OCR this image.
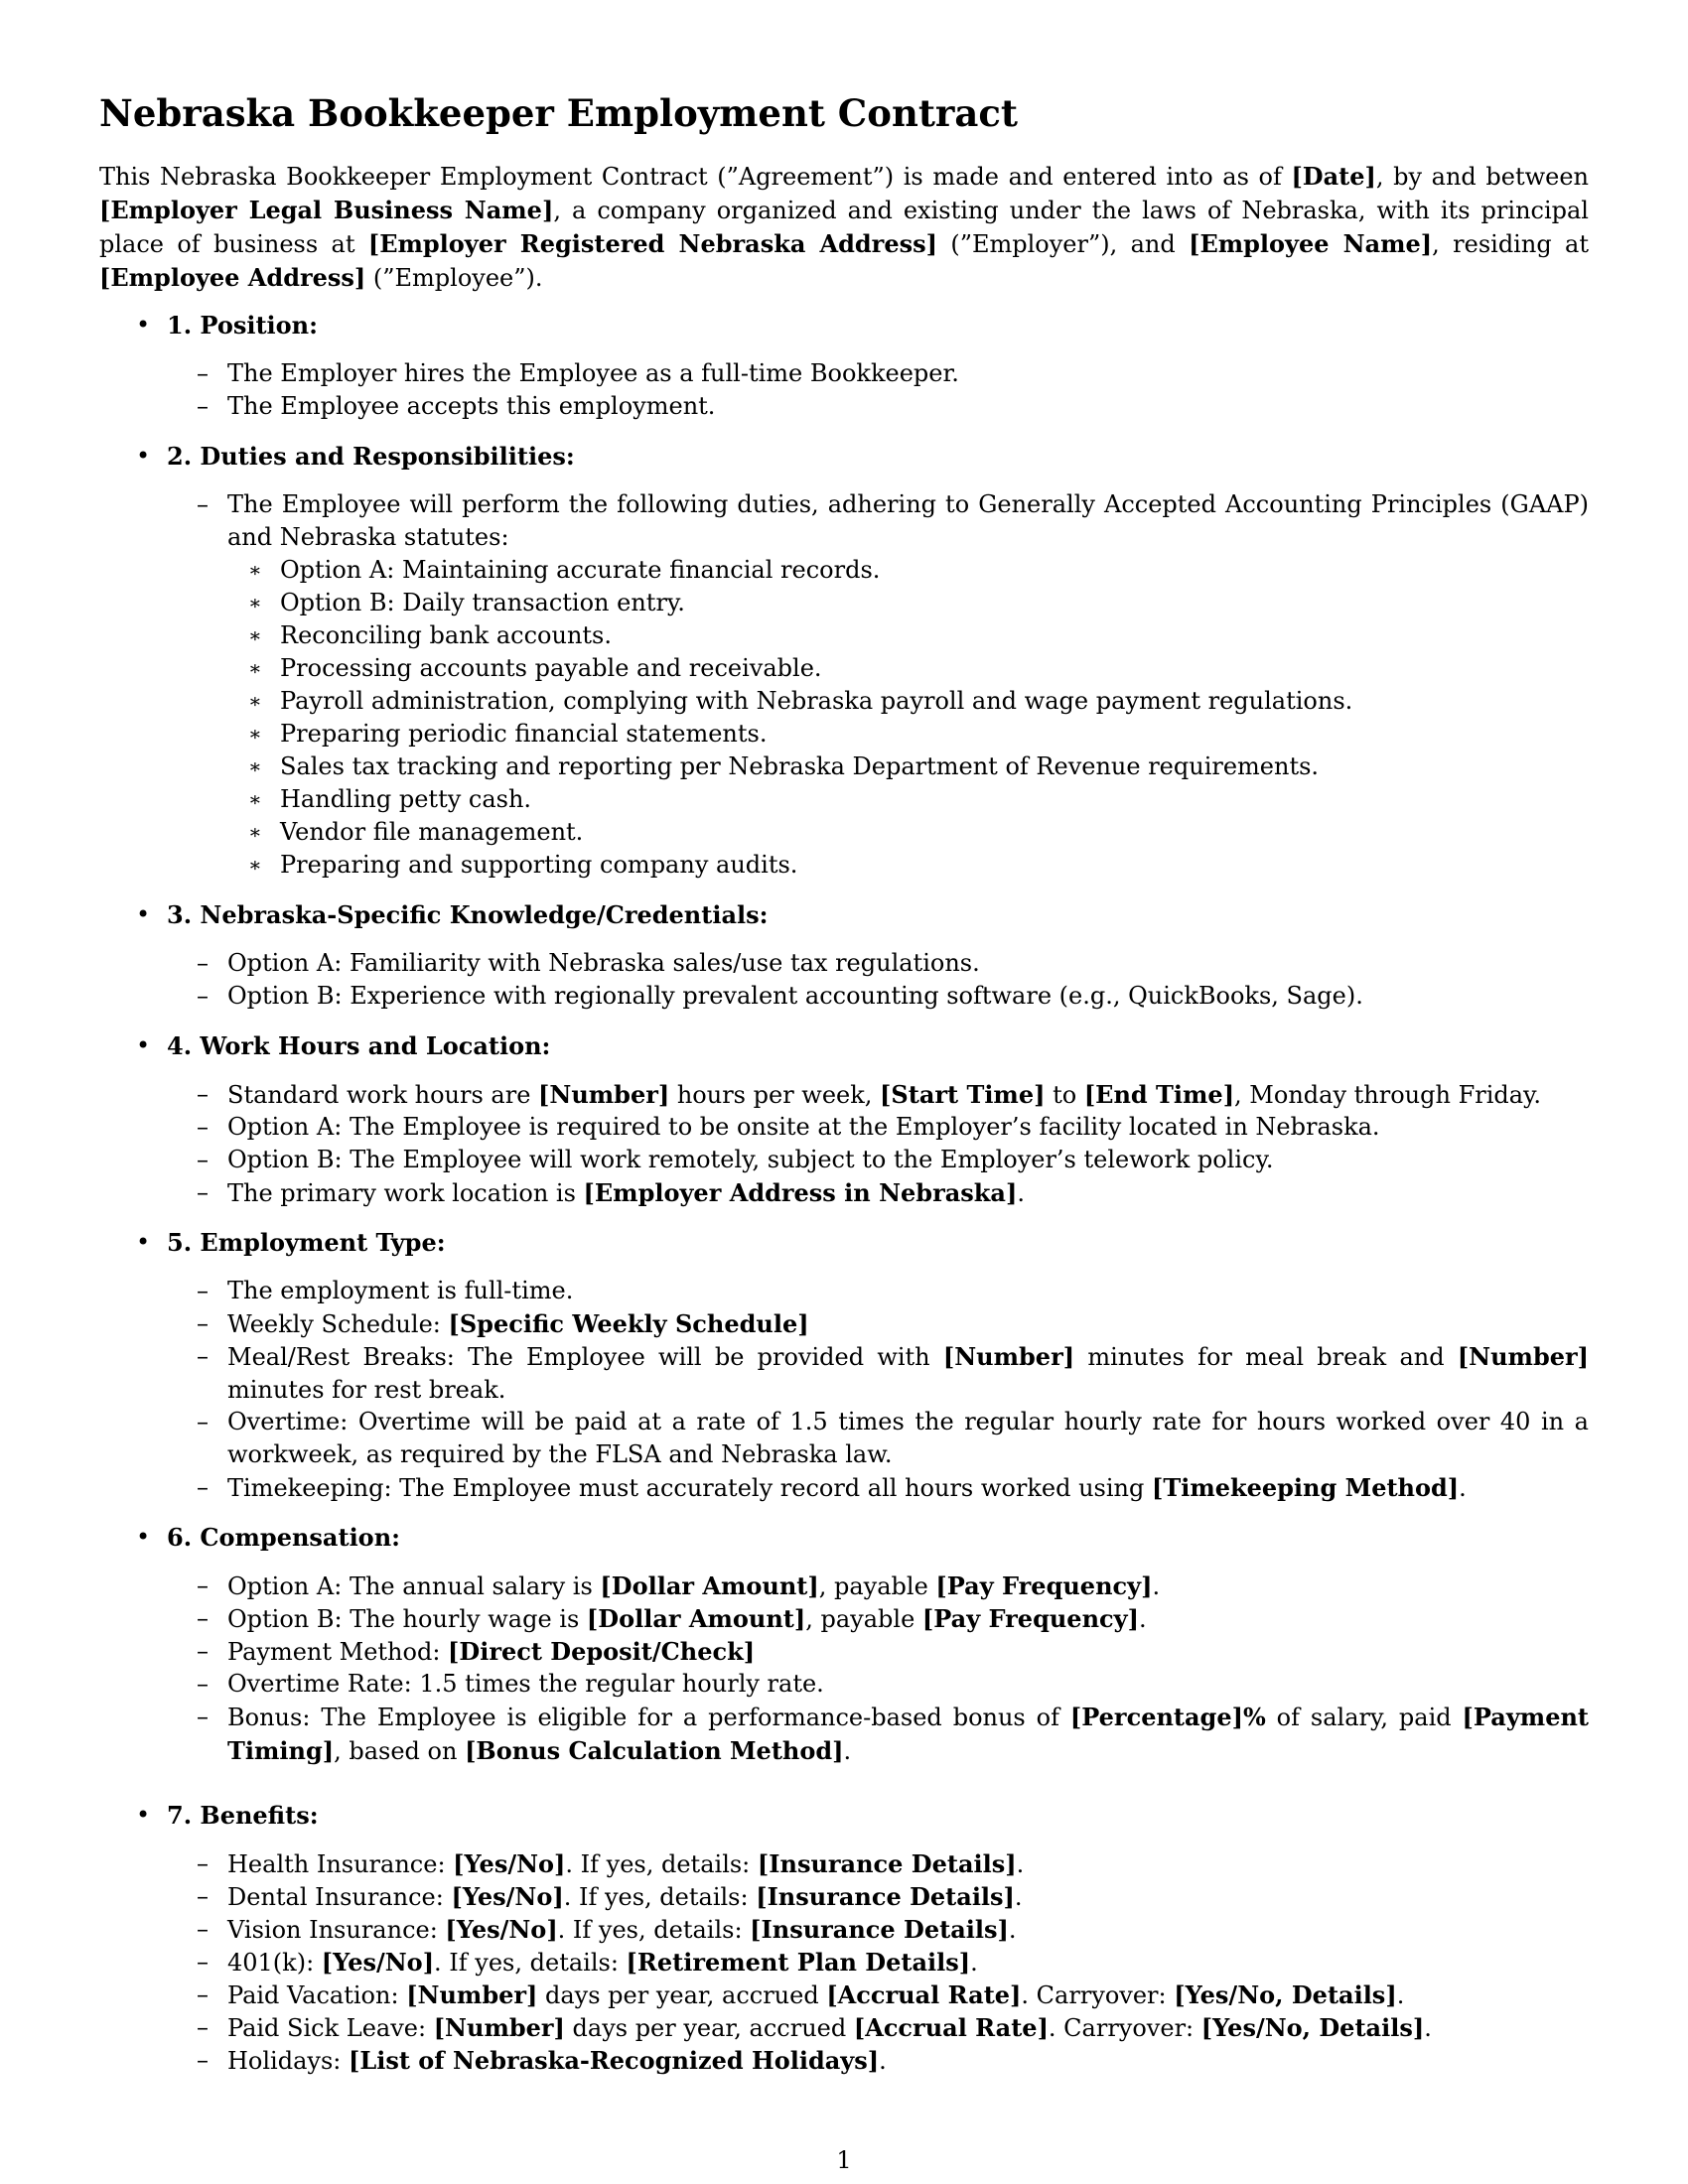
Nebraska Bookkeeper Employment Contract

This Nebraska Bookkeeper Employment Contract (”Agreement”) is made and entered into as of [Date], by and between [Employer Legal Business Name], a company organized and existing under the laws of Nebraska, with its principal place of business at [Employer Registered Nebraska Address] (”Employer”), and [Employee Name], residing at [Employee Address] (”Employee”).

• 1. Position:
– The Employer hires the Employee as a full-time Bookkeeper.
– The Employee accepts this employment.
• 2. Duties and Responsibilities:
– The Employee will perform the following duties, adhering to Generally Accepted Accounting Principles (GAAP) and Nebraska statutes:
∗ Option A: Maintaining accurate financial records.
∗ Option B: Daily transaction entry.
∗ Reconciling bank accounts.
∗ Processing accounts payable and receivable.
∗ Payroll administration, complying with Nebraska payroll and wage payment regulations.
∗ Preparing periodic financial statements.
∗ Sales tax tracking and reporting per Nebraska Department of Revenue requirements.
∗ Handling petty cash.
∗ Vendor file management.
∗ Preparing and supporting company audits.
• 3. Nebraska-Specific Knowledge/Credentials:
– Option A: Familiarity with Nebraska sales/use tax regulations.
– Option B: Experience with regionally prevalent accounting software (e.g., QuickBooks, Sage).
• 4. Work Hours and Location:
– Standard work hours are [Number] hours per week, [Start Time] to [End Time], Monday through Friday.
– Option A: The Employee is required to be onsite at the Employer’s facility located in Nebraska.
– Option B: The Employee will work remotely, subject to the Employer’s telework policy.
– The primary work location is [Employer Address in Nebraska].
• 5. Employment Type:
– The employment is full-time.
– Weekly Schedule: [Specific Weekly Schedule]
– Meal/Rest Breaks: The Employee will be provided with [Number] minutes for meal break and [Number] minutes for rest break.
– Overtime: Overtime will be paid at a rate of 1.5 times the regular hourly rate for hours worked over 40 in a workweek, as required by the FLSA and Nebraska law.
– Timekeeping: The Employee must accurately record all hours worked using [Timekeeping Method].
• 6. Compensation:
– Option A: The annual salary is [Dollar Amount], payable [Pay Frequency].
– Option B: The hourly wage is [Dollar Amount], payable [Pay Frequency].
– Payment Method: [Direct Deposit/Check]
– Overtime Rate: 1.5 times the regular hourly rate.
– Bonus: The Employee is eligible for a performance-based bonus of [Percentage]% of salary, paid [Payment Timing], based on [Bonus Calculation Method].
• 7. Benefits:
– Health Insurance: [Yes/No]. If yes, details: [Insurance Details].
– Dental Insurance: [Yes/No]. If yes, details: [Insurance Details].
– Vision Insurance: [Yes/No]. If yes, details: [Insurance Details].
– 401(k): [Yes/No]. If yes, details: [Retirement Plan Details].
– Paid Vacation: [Number] days per year, accrued [Accrual Rate]. Carryover: [Yes/No, Details].
– Paid Sick Leave: [Number] days per year, accrued [Accrual Rate]. Carryover: [Yes/No, Details].
– Holidays: [List of Nebraska-Recognized Holidays].
1
